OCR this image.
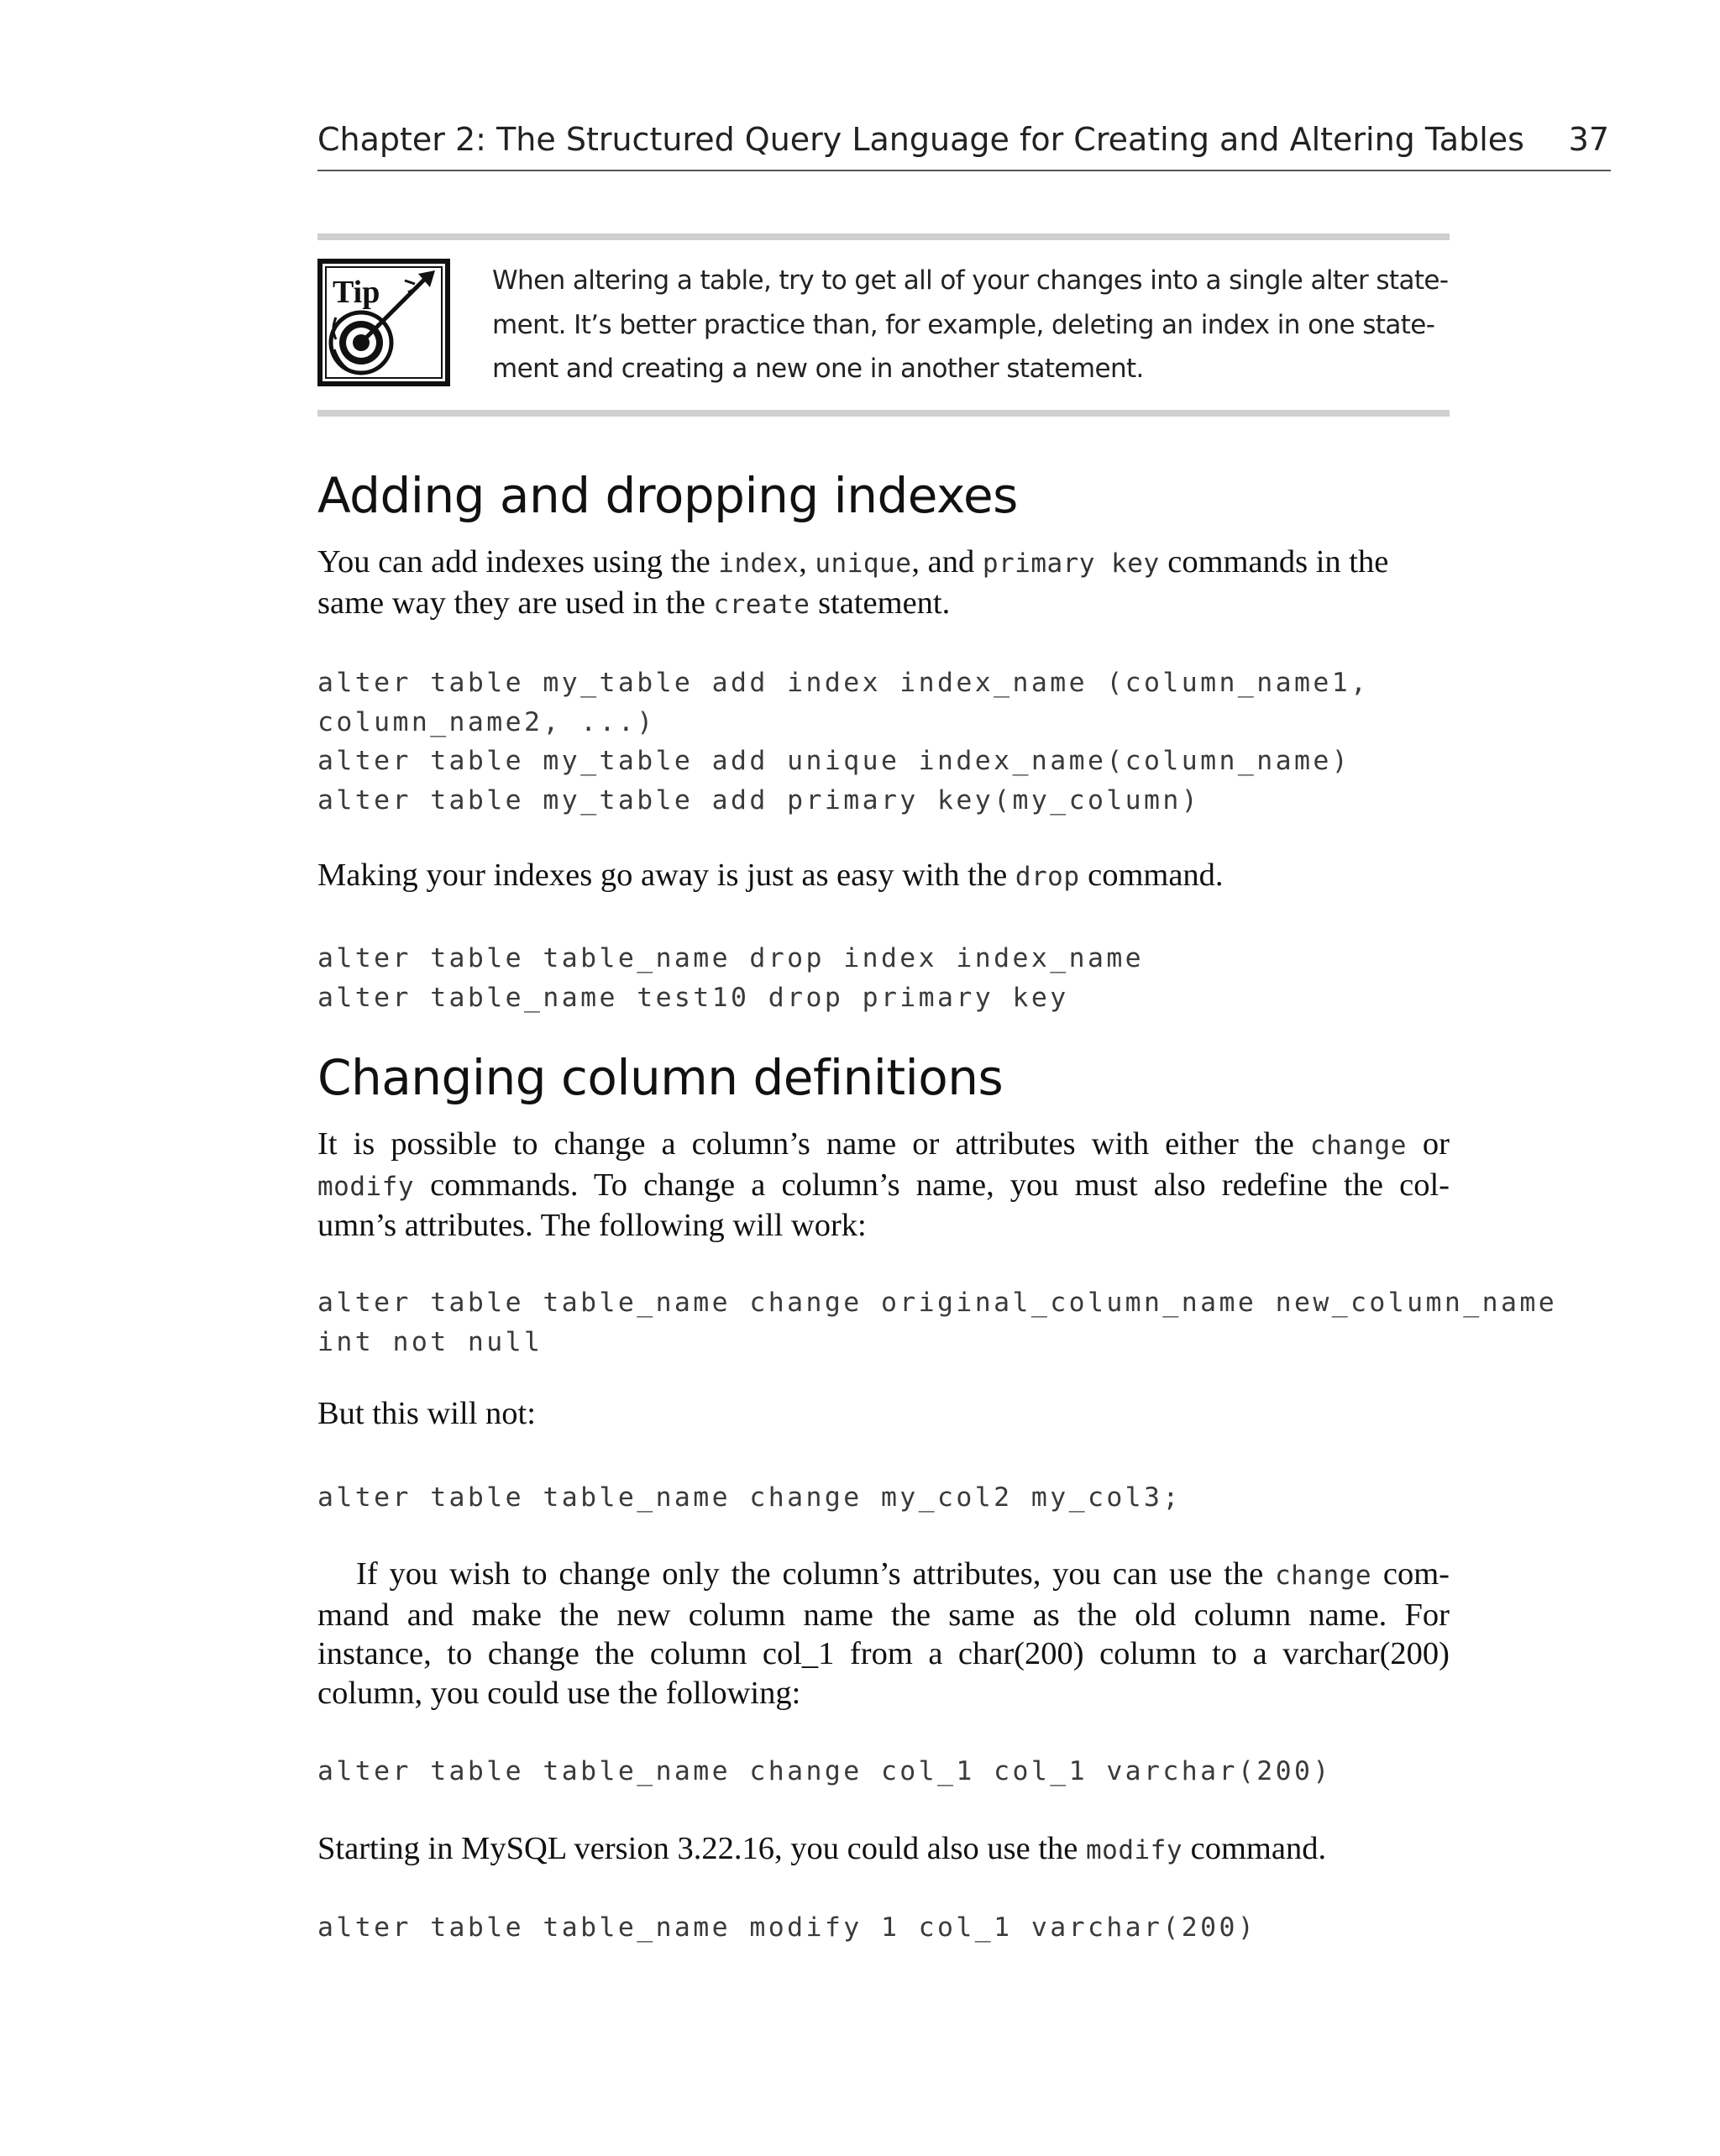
Chapter 2: The Structured Query Language for Creating and Altering Tables 37
Tip	When altering a table, try to get all of your changes into a single alter state-
ment. It’s better practice than, for example, deleting an index in one state-
ment and creating a new one in another statement.
Adding and dropping indexes
You can add indexes using the index, unique, and primary key commands in the
same way they are used in the create statement.
alter table my_table add index index_name (column_name1,
column_name2, ...)
alter table my_table add unique index_name(column_name)
alter table my_table add primary key(my_column)
Making your indexes go away is just as easy with the drop command.
alter table table_name drop index index_name
alter table_name test10 drop primary key
Changing column definitions
It is possible to change a column’s name or attributes with either the change or
modify commands. To change a column’s name, you must also redefine the col-
umn’s attributes. The following will work:
alter table table_name change original_column_name new_column_name
int not null
But this will not:
alter table table_name change my_col2 my_col3;
If you wish to change only the column’s attributes, you can use the change com-
mand and make the new column name the same as the old column name. For
instance, to change the column col_1 from a char(200) column to a varchar(200)
column, you could use the following:
alter table table_name change col_1 col_1 varchar(200)
Starting in MySQL version 3.22.16, you could also use the modify command.
alter table table_name modify 1 col_1 varchar(200)
